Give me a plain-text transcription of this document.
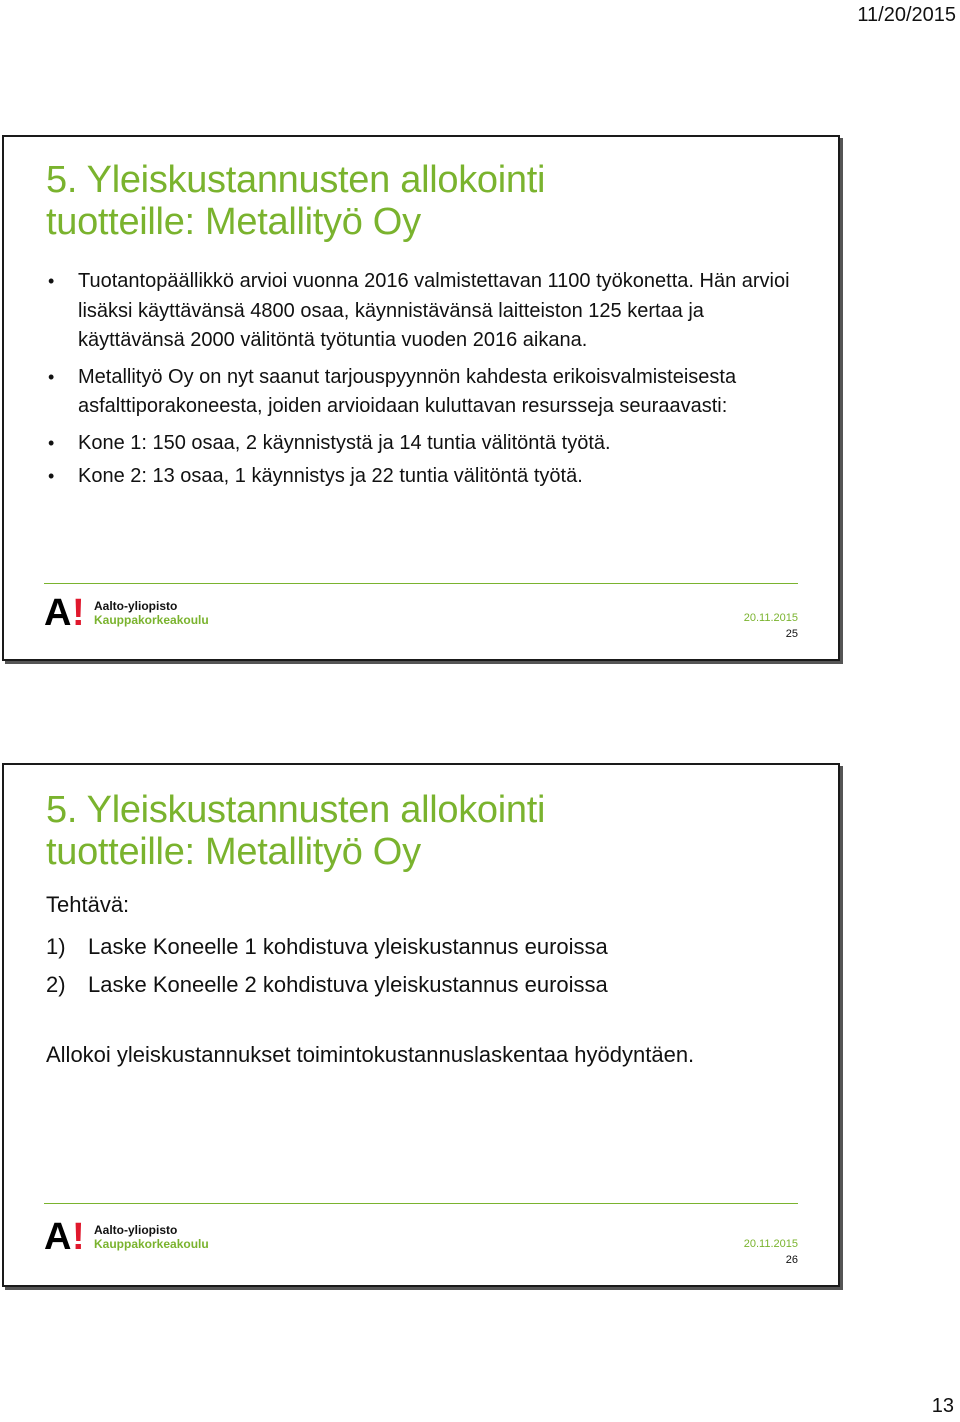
11/20/2015
5. Yleiskustannusten allokointi
tuotteille: Metallityö Oy
• Tuotantopäällikkö arvioi vuonna 2016 valmistettavan 1100 työkonetta. Hän arvioi lisäksi käyttävänsä 4800 osaa, käynnistävänsä laitteiston 125 kertaa ja käyttävänsä 2000 välitöntä työtuntia vuoden 2016 aikana.
• Metallityö Oy on nyt saanut tarjouspyynnön kahdesta erikoisvalmisteisesta asfalttiporakoneesta, joiden arvioidaan kuluttavan resursseja seuraavasti:
• Kone 1: 150 osaa, 2 käynnistystä ja 14 tuntia välitöntä työtä.
• Kone 2: 13 osaa, 1 käynnistys ja 22 tuntia välitöntä työtä.
A ! Aalto-yliopisto
Kauppakorkeakoulu	20.11.2015
25
5. Yleiskustannusten allokointi
tuotteille: Metallityö Oy

Tehtävä:

1) Laske Koneelle 1 kohdistuva yleiskustannus euroissa

2) Laske Koneelle 2 kohdistuva yleiskustannus euroissa

Allokoi yleiskustannukset toimintokustannuslaskentaa hyödyntäen.

A ! Aalto-yliopisto
Kauppakorkeakoulu	20.11.2015
26
13
